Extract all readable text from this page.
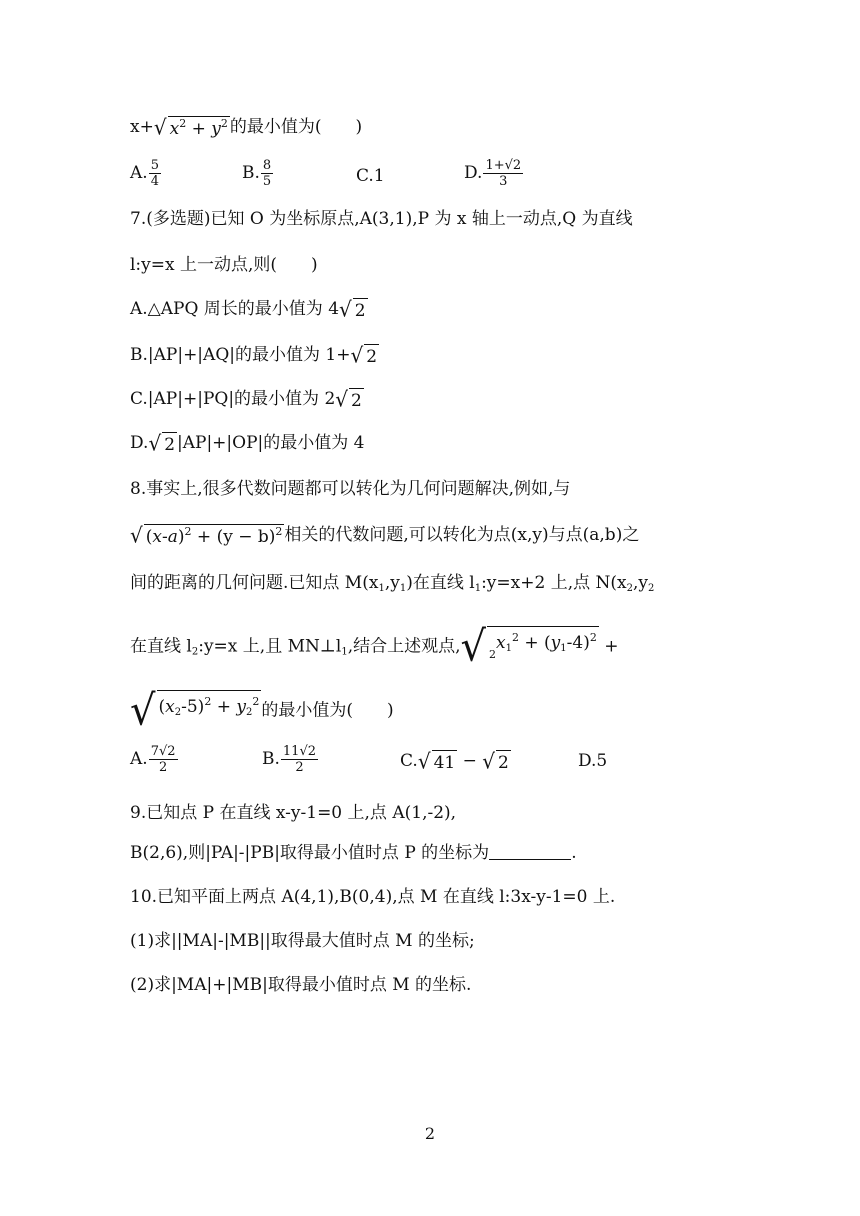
x+ √ $x^2 + y^2$ 的最小值为(　　)
A. $\frac{5}{4}$	B. $\frac{8}{5}$	C.1	D. $\frac{1+√2}{3}$
7.(多选题)已知 O 为坐标原点,A(3,1),P 为 x 轴上一动点,Q 为直线
l:y=x 上一动点,则(　　)
A.△APQ 周长的最小值为 4 √ 2
B.|AP|+|AQ|的最小值为 1+ √ 2
C.|AP|+|PQ|的最小值为 2 √ 2
D. √ 2 |AP|+|OP|的最小值为 4
8.事实上,很多代数问题都可以转化为几何问题解决,例如,与
√ $(x-a)^2 + (y - b)^2$ 相关的代数问题,可以转化为点(x,y)与点(a,b)之
间的距离的几何问题.已知点 $M(x_1,y_1)$在直线 $l_1:y=x+2$ 上,点 $N(x_2,y_2$
在直线 $l_2:y=x$ 上,且 $MN\perp l_1$,结合上述观点, √ 2
$x_1^2 + (y_1-4)^2$ +
√ $(x_2-5)^2 + y_2^2$ 的最小值为(　　)
A. $\frac{7√2}{2}$	B. $\frac{11√2}{2}$	C. √ 41 − √ 2	D.5
9.已知点 P 在直线 x-y-1=0 上,点 A(1,-2),
B(2,6),则|PA|-|PB|取得最小值时点 P 的坐标为	.
10.已知平面上两点 A(4,1),B(0,4),点 M 在直线 l:3x-y-1=0 上.
(1)求||MA|-|MB||取得最大值时点 M 的坐标;
(2)求|MA|+|MB|取得最小值时点 M 的坐标.
2
